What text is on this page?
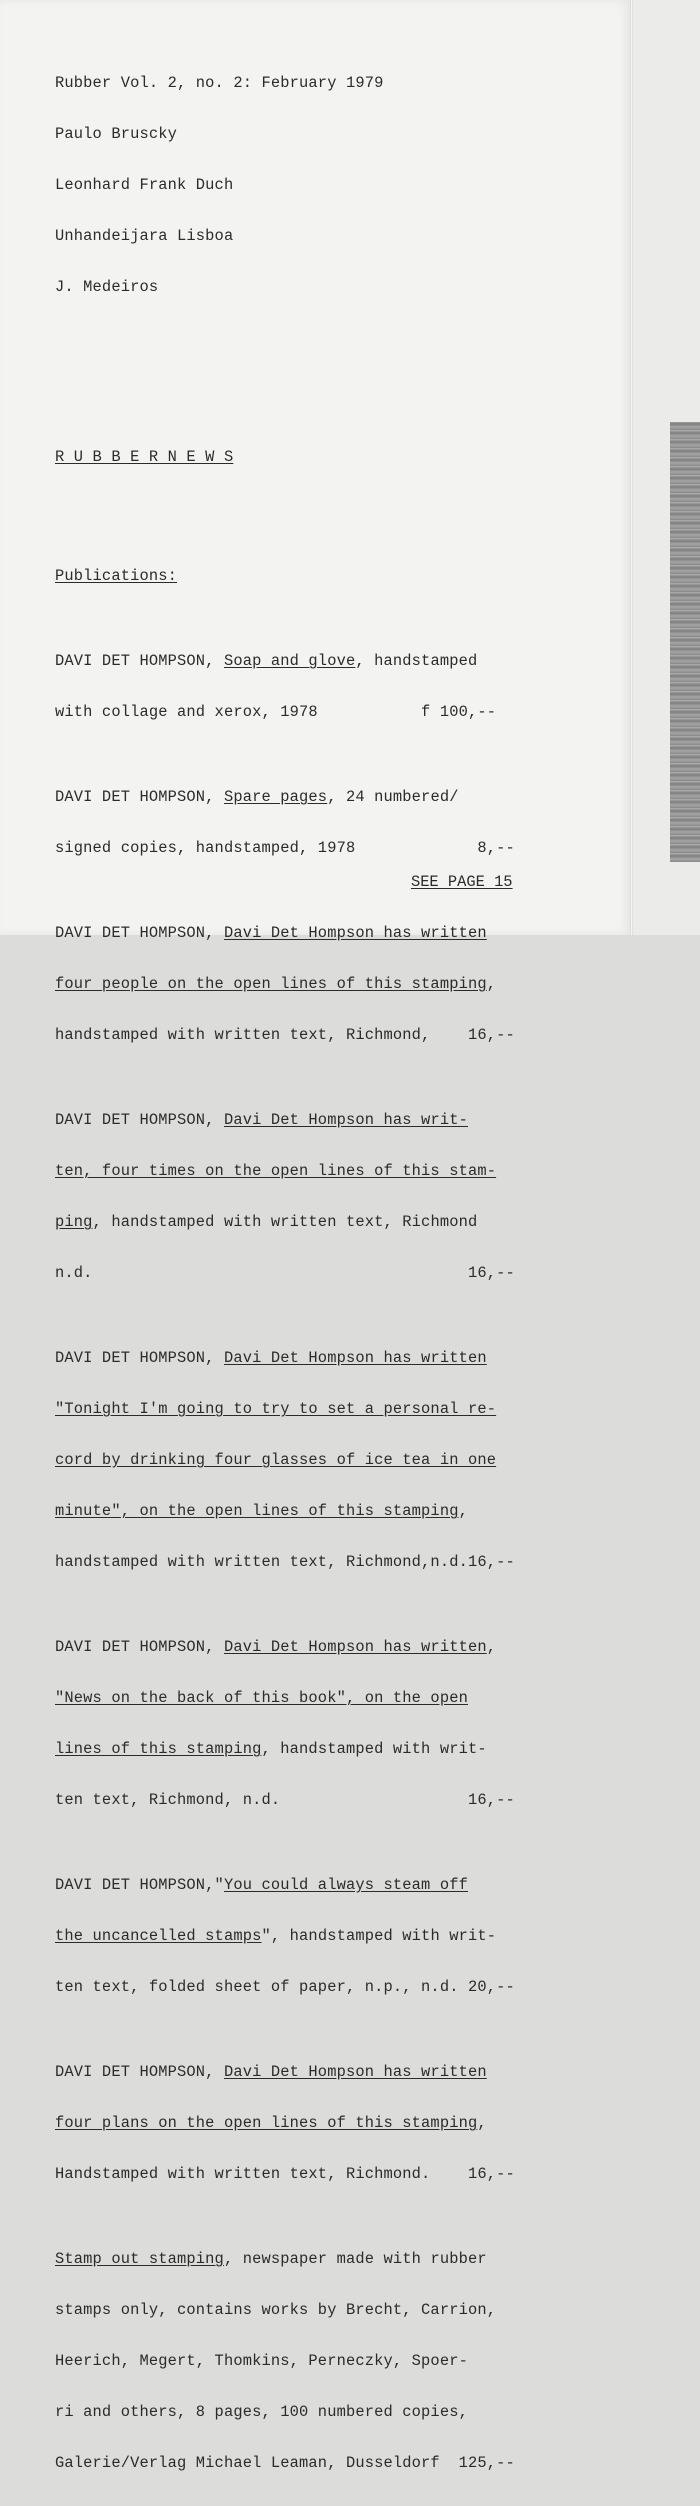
Rubber Vol. 2, no. 2: February 1979

Paulo Bruscky

Leonhard Frank Duch

Unhandeijara Lisboa

J. Medeiros

R U B B E R N E W S

Publications:

DAVI DET HOMPSON, Soap and glove, handstamped

with collage and xerox, 1978           f 100,--

DAVI DET HOMPSON, Spare pages, 24 numbered/

signed copies, handstamped, 1978             8,--

DAVI DET HOMPSON, Davi Det Hompson has written

four people on the open lines of this stamping,

handstamped with written text, Richmond,    16,--

DAVI DET HOMPSON, Davi Det Hompson has writ-

ten, four times on the open lines of this stam-

ping, handstamped with written text, Richmond

n.d.                                        16,--

DAVI DET HOMPSON, Davi Det Hompson has written

"Tonight I'm going to try to set a personal re-

cord by drinking four glasses of ice tea in one

minute", on the open lines of this stamping,

handstamped with written text, Richmond,n.d.16,--

DAVI DET HOMPSON, Davi Det Hompson has written,

"News on the back of this book", on the open

lines of this stamping, handstamped with writ-

ten text, Richmond, n.d.                    16,--

DAVI DET HOMPSON,"You could always steam off

the uncancelled stamps", handstamped with writ-

ten text, folded sheet of paper, n.p., n.d. 20,--

DAVI DET HOMPSON, Davi Det Hompson has written

four plans on the open lines of this stamping,

Handstamped with written text, Richmond.    16,--

Stamp out stamping, newspaper made with rubber

stamps only, contains works by Brecht, Carrion,

Heerich, Megert, Thomkins, Perneczky, Spoer-

ri and others, 8 pages, 100 numbered copies,

Galerie/Verlag Michael Leaman, Dusseldorf  125,--

SEE PAGE 15
